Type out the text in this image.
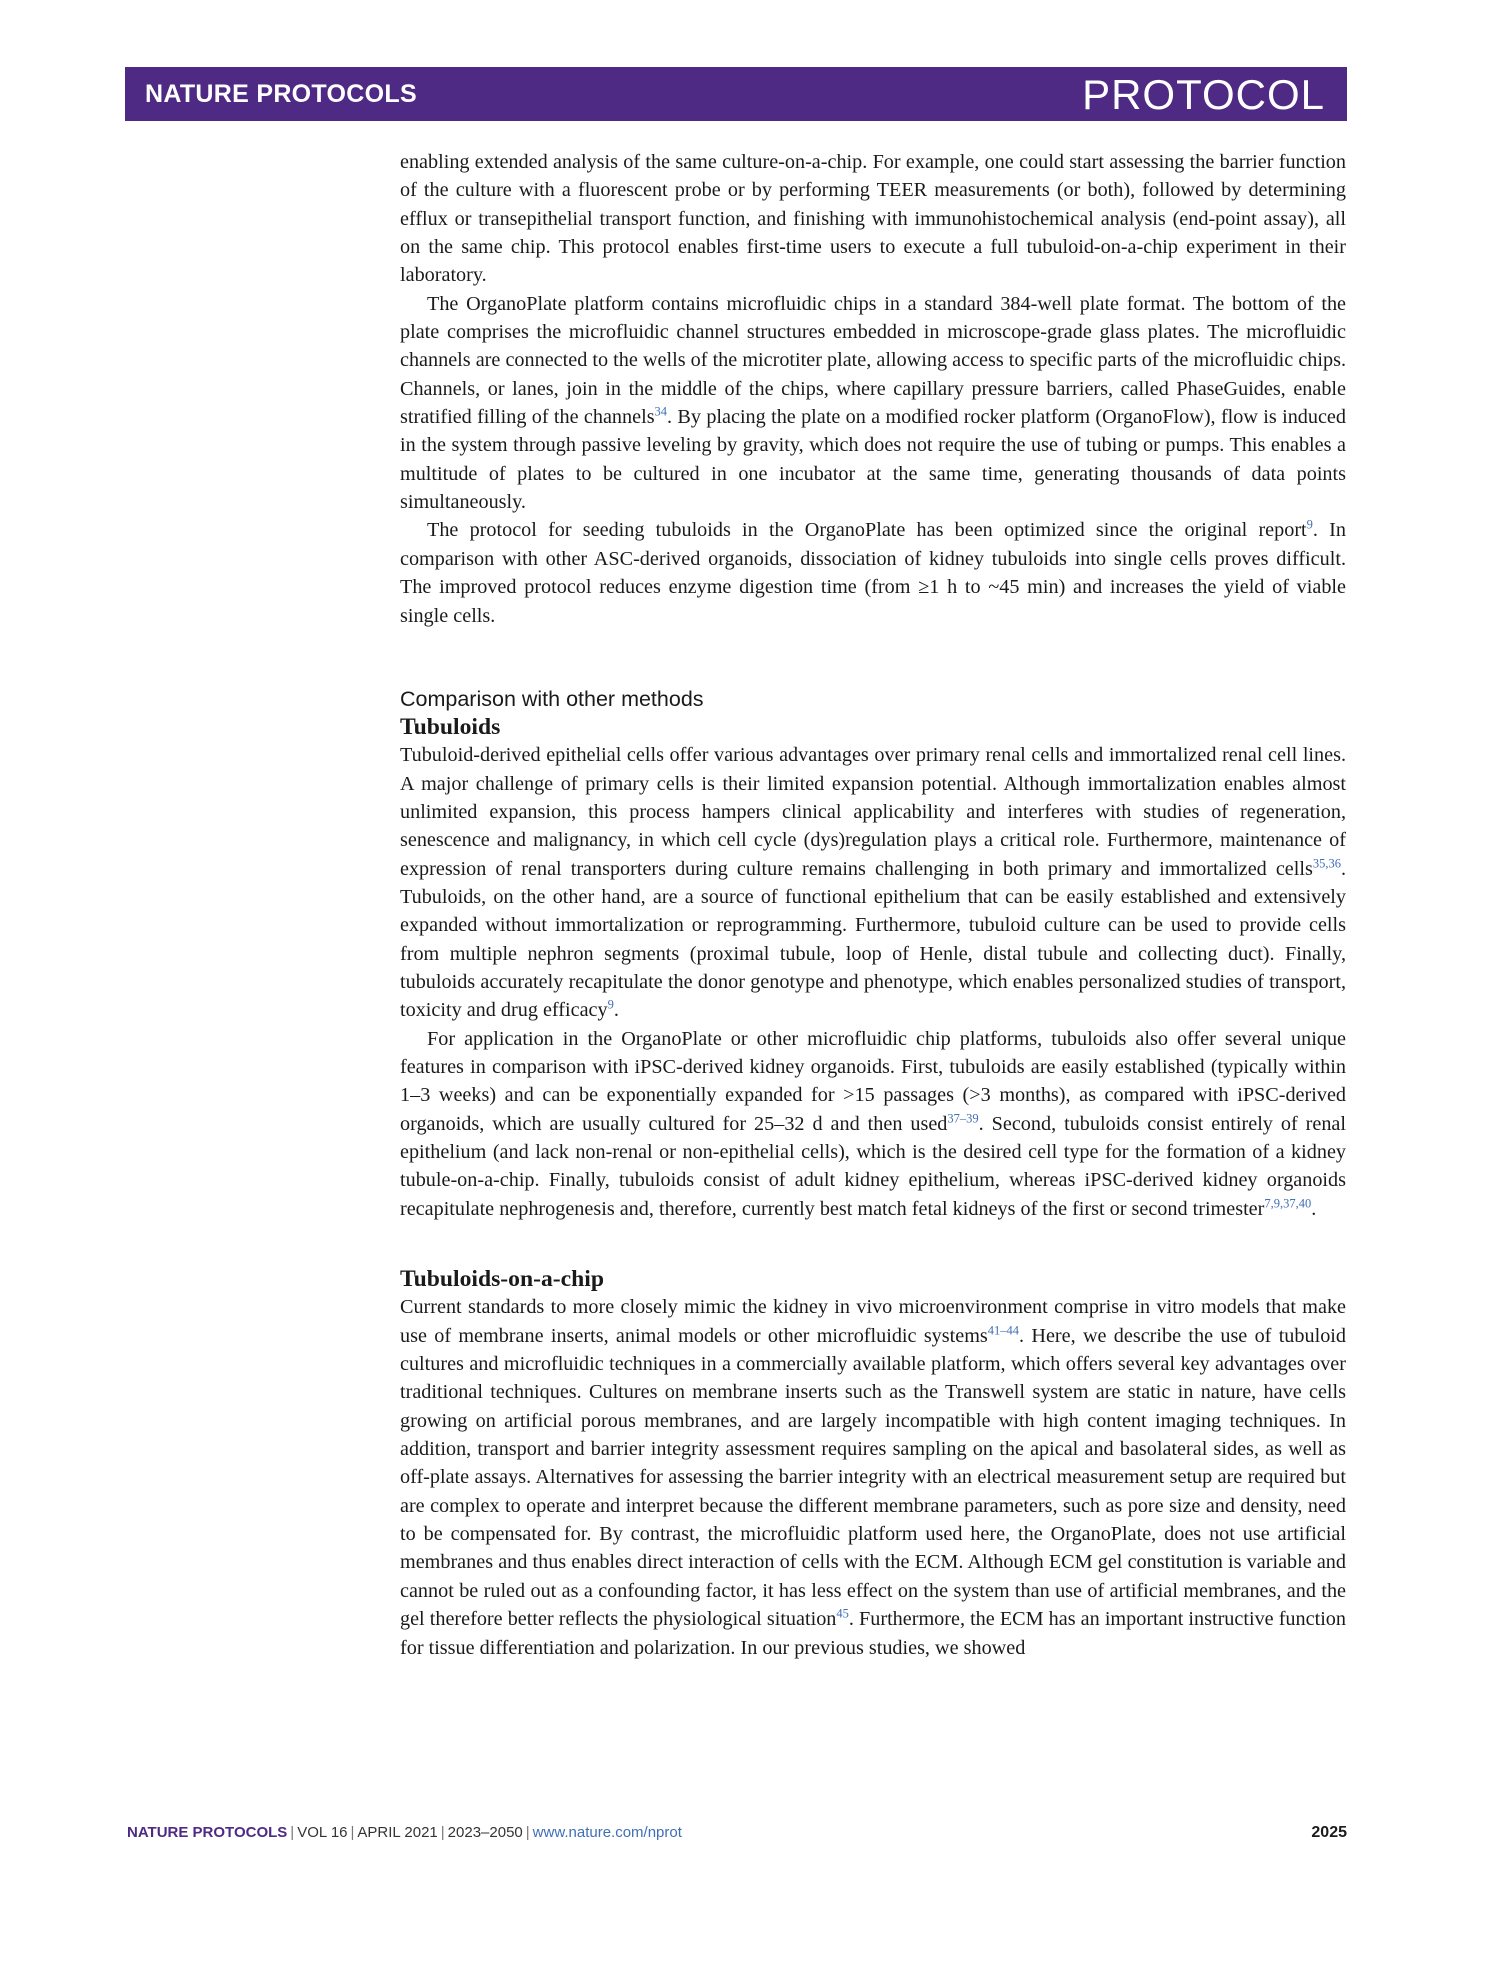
NATURE PROTOCOLS	PROTOCOL

enabling extended analysis of the same culture-on-a-chip. For example, one could start assessing the barrier function of the culture with a fluorescent probe or by performing TEER measurements (or both), followed by determining efflux or transepithelial transport function, and finishing with immunohistochemical analysis (end-point assay), all on the same chip. This protocol enables first-time users to execute a full tubuloid-on-a-chip experiment in their laboratory.

The OrganoPlate platform contains microfluidic chips in a standard 384-well plate format. The bottom of the plate comprises the microfluidic channel structures embedded in microscope-grade glass plates. The microfluidic channels are connected to the wells of the microtiter plate, allowing access to specific parts of the microfluidic chips. Channels, or lanes, join in the middle of the chips, where capillary pressure barriers, called PhaseGuides, enable stratified filling of the channels$^{34}$. By placing the plate on a modified rocker platform (OrganoFlow), flow is induced in the system through passive leveling by gravity, which does not require the use of tubing or pumps. This enables a multitude of plates to be cultured in one incubator at the same time, generating thousands of data points simultaneously.

The protocol for seeding tubuloids in the OrganoPlate has been optimized since the original report$^9$. In comparison with other ASC-derived organoids, dissociation of kidney tubuloids into single cells proves difficult. The improved protocol reduces enzyme digestion time (from ≥1 h to ~45 min) and increases the yield of viable single cells.

Comparison with other methods
Tubuloids

Tubuloid-derived epithelial cells offer various advantages over primary renal cells and immortalized renal cell lines. A major challenge of primary cells is their limited expansion potential. Although immortalization enables almost unlimited expansion, this process hampers clinical applicability and interferes with studies of regeneration, senescence and malignancy, in which cell cycle (dys)regulation plays a critical role. Furthermore, maintenance of expression of renal transporters during culture remains challenging in both primary and immortalized cells$^{35,36}$. Tubuloids, on the other hand, are a source of functional epithelium that can be easily established and extensively expanded without immortalization or reprogramming. Furthermore, tubuloid culture can be used to provide cells from multiple nephron segments (proximal tubule, loop of Henle, distal tubule and collecting duct). Finally, tubuloids accurately recapitulate the donor genotype and phenotype, which enables personalized studies of transport, toxicity and drug efficacy$^9$.

For application in the OrganoPlate or other microfluidic chip platforms, tubuloids also offer several unique features in comparison with iPSC-derived kidney organoids. First, tubuloids are easily established (typically within 1–3 weeks) and can be exponentially expanded for >15 passages (>3 months), as compared with iPSC-derived organoids, which are usually cultured for 25–32 d and then used$^{37-39}$. Second, tubuloids consist entirely of renal epithelium (and lack non-renal or non-epithelial cells), which is the desired cell type for the formation of a kidney tubule-on-a-chip. Finally, tubuloids consist of adult kidney epithelium, whereas iPSC-derived kidney organoids recapitulate nephrogenesis and, therefore, currently best match fetal kidneys of the first or second trimester$^{7,9,37,40}$.

Tubuloids-on-a-chip

Current standards to more closely mimic the kidney in vivo microenvironment comprise in vitro models that make use of membrane inserts, animal models or other microfluidic systems$^{41-44}$. Here, we describe the use of tubuloid cultures and microfluidic techniques in a commercially available platform, which offers several key advantages over traditional techniques. Cultures on membrane inserts such as the Transwell system are static in nature, have cells growing on artificial porous membranes, and are largely incompatible with high content imaging techniques. In addition, transport and barrier integrity assessment requires sampling on the apical and basolateral sides, as well as off-plate assays. Alternatives for assessing the barrier integrity with an electrical measurement setup are required but are complex to operate and interpret because the different membrane parameters, such as pore size and density, need to be compensated for. By contrast, the microfluidic platform used here, the OrganoPlate, does not use artificial membranes and thus enables direct interaction of cells with the ECM. Although ECM gel constitution is variable and cannot be ruled out as a confounding factor, it has less effect on the system than use of artificial membranes, and the gel therefore better reflects the physiological situation$^{45}$. Furthermore, the ECM has an important instructive function for tissue differentiation and polarization. In our previous studies, we showed

NATURE PROTOCOLS | VOL 16 | APRIL 2021 | 2023–2050 | www.nature.com/nprot	2025
